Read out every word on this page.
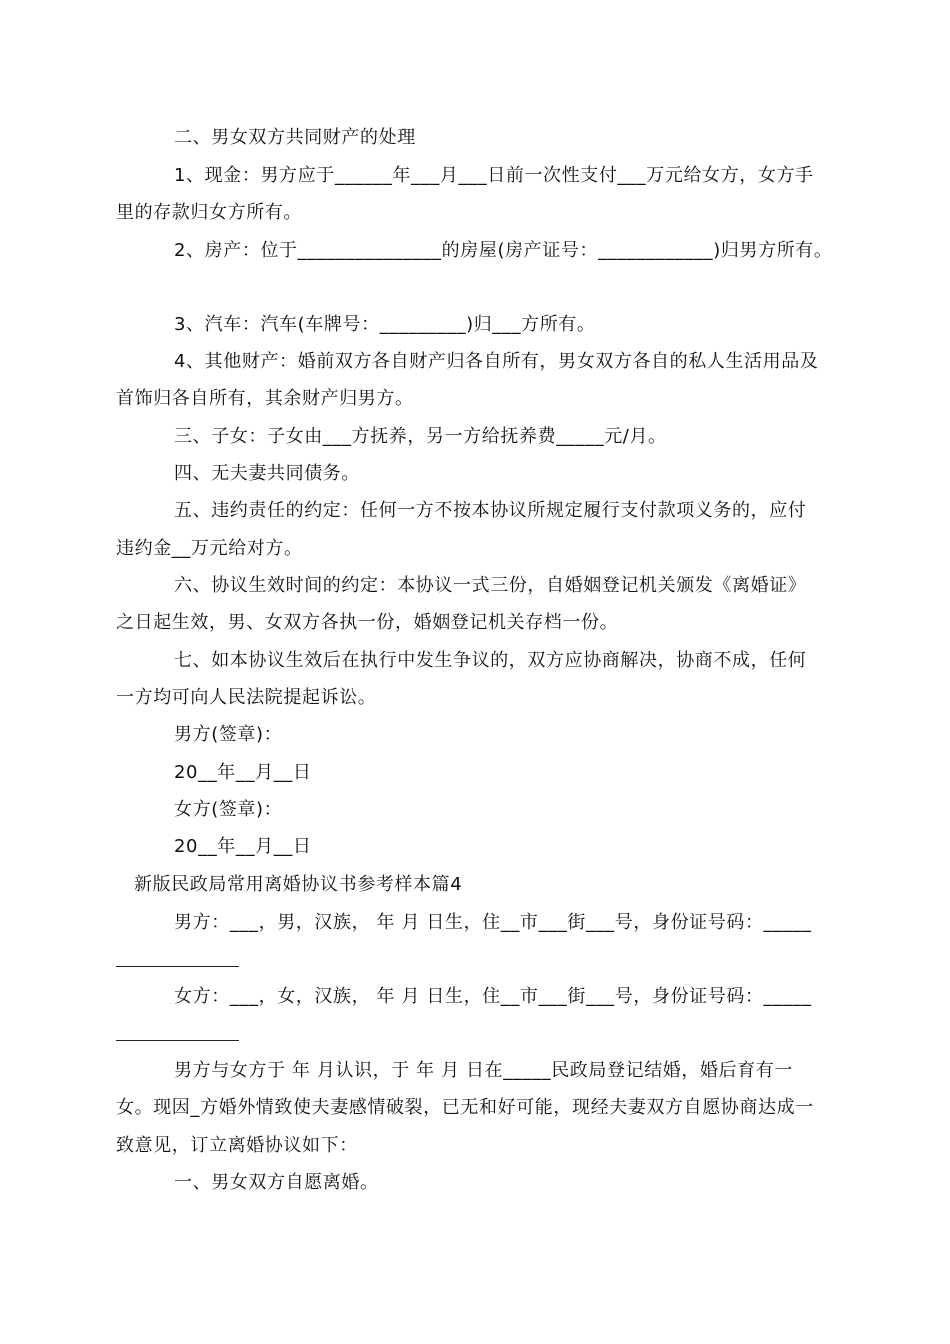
二、男女双方共同财产的处理
1、现金：男方应于______年___月___日前一次性支付___万元给女方，女方手
里的存款归女方所有。
2、房产：位于_______________的房屋(房产证号：____________)归男方所有。
3、汽车：汽车(车牌号：_________)归___方所有。
4、其他财产：婚前双方各自财产归各自所有，男女双方各自的私人生活用品及
首饰归各自所有，其余财产归男方。
三、子女：子女由___方抚养，另一方给抚养费_____元/月。
四、无夫妻共同债务。
五、违约责任的约定：任何一方不按本协议所规定履行支付款项义务的，应付
违约金__万元给对方。
六、协议生效时间的约定：本协议一式三份，自婚姻登记机关颁发《离婚证》
之日起生效，男、女双方各执一份，婚姻登记机关存档一份。
七、如本协议生效后在执行中发生争议的，双方应协商解决，协商不成，任何
一方均可向人民法院提起诉讼。
男方(签章)：
20__年__月__日
女方(签章)：
20__年__月__日
新版民政局常用离婚协议书参考样本篇4
男方：___，男，汉族， 年 月 日生，住__市___街___号，身份证号码：_____
女方：___，女，汉族， 年 月 日生，住__市___街___号，身份证号码：_____
男方与女方于 年 月认识，于 年 月 日在_____民政局登记结婚，婚后育有一
女。现因_方婚外情致使夫妻感情破裂，已无和好可能，现经夫妻双方自愿协商达成一
致意见，订立离婚协议如下：
一、男女双方自愿离婚。
